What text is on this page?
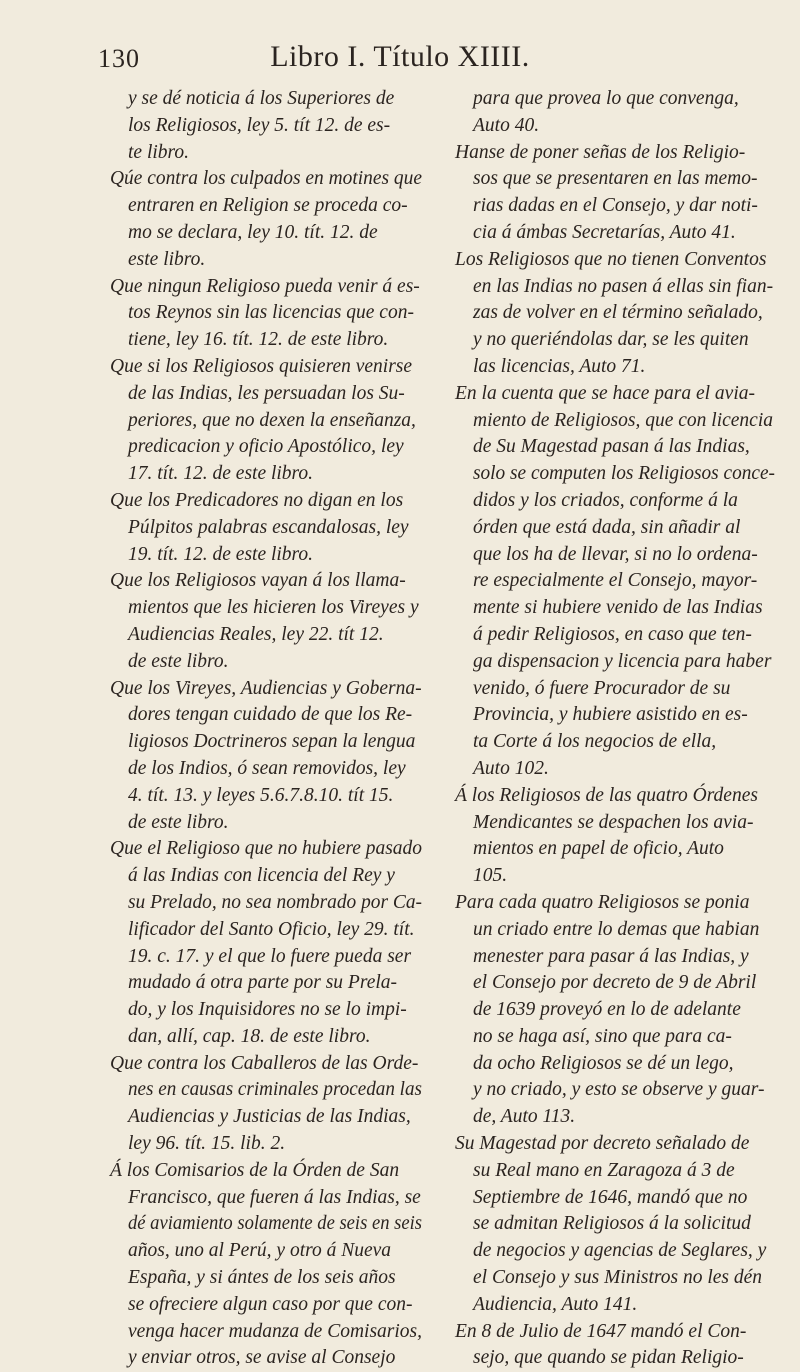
130	Libro I. Título XIIII.
y se dé noticia á los Superiores de
los Religiosos, ley 5. tít 12. de es-
te libro.
Qúe contra los culpados en motines que
entraren en Religion se proceda co-
mo se declara, ley 10. tít. 12. de
este libro.
Que ningun Religioso pueda venir á es-
tos Reynos sin las licencias que con-
tiene, ley 16. tít. 12. de este libro.
Que si los Religiosos quisieren venirse
de las Indias, les persuadan los Su-
periores, que no dexen la enseñanza,
predicacion y oficio Apostólico, ley
17. tít. 12. de este libro.
Que los Predicadores no digan en los
Púlpitos palabras escandalosas, ley
19. tít. 12. de este libro.
Que los Religiosos vayan á los llama-
mientos que les hicieren los Vireyes y
Audiencias Reales, ley 22. tít 12.
de este libro.
Que los Vireyes, Audiencias y Goberna-
dores tengan cuidado de que los Re-
ligiosos Doctrineros sepan la lengua
de los Indios, ó sean removidos, ley
4. tít. 13. y leyes 5.6.7.8.10. tít 15.
de este libro.
Que el Religioso que no hubiere pasado
á las Indias con licencia del Rey y
su Prelado, no sea nombrado por Ca-
lificador del Santo Oficio, ley 29. tít.
19. c. 17. y el que lo fuere pueda ser
mudado á otra parte por su Prela-
do, y los Inquisidores no se lo impi-
dan, allí, cap. 18. de este libro.
Que contra los Caballeros de las Orde-
nes en causas criminales procedan las
Audiencias y Justicias de las Indias,
ley 96. tít. 15. lib. 2.
Á los Comisarios de la Órden de San
Francisco, que fueren á las Indias, se
dé aviamiento solamente de seis en seis
años, uno al Perú, y otro á Nueva
España, y si ántes de los seis años
se ofreciere algun caso por que con-
venga hacer mudanza de Comisarios,
y enviar otros, se avise al Consejo
para que provea lo que convenga,
Auto 40.
Hanse de poner señas de los Religio-
sos que se presentaren en las memo-
rias dadas en el Consejo, y dar noti-
cia á ámbas Secretarías, Auto 41.
Los Religiosos que no tienen Conventos
en las Indias no pasen á ellas sin fian-
zas de volver en el término señalado,
y no queriéndolas dar, se les quiten
las licencias, Auto 71.
En la cuenta que se hace para el avia-
miento de Religiosos, que con licencia
de Su Magestad pasan á las Indias,
solo se computen los Religiosos conce-
didos y los criados, conforme á la
órden que está dada, sin añadir al
que los ha de llevar, si no lo ordena-
re especialmente el Consejo, mayor-
mente si hubiere venido de las Indias
á pedir Religiosos, en caso que ten-
ga dispensacion y licencia para haber
venido, ó fuere Procurador de su
Provincia, y hubiere asistido en es-
ta Corte á los negocios de ella,
Auto 102.
Á los Religiosos de las quatro Órdenes
Mendicantes se despachen los avia-
mientos en papel de oficio, Auto
105.
Para cada quatro Religiosos se ponia
un criado entre lo demas que habian
menester para pasar á las Indias, y
el Consejo por decreto de 9 de Abril
de 1639 proveyó en lo de adelante
no se haga así, sino que para ca-
da ocho Religiosos se dé un lego,
y no criado, y esto se observe y guar-
de, Auto 113.
Su Magestad por decreto señalado de
su Real mano en Zaragoza á 3 de
Septiembre de 1646, mandó que no
se admitan Religiosos á la solicitud
de negocios y agencias de Seglares, y
el Consejo y sus Ministros no les dén
Audiencia, Auto 141.
En 8 de Julio de 1647 mandó el Con-
sejo, que quando se pidan Religio-
